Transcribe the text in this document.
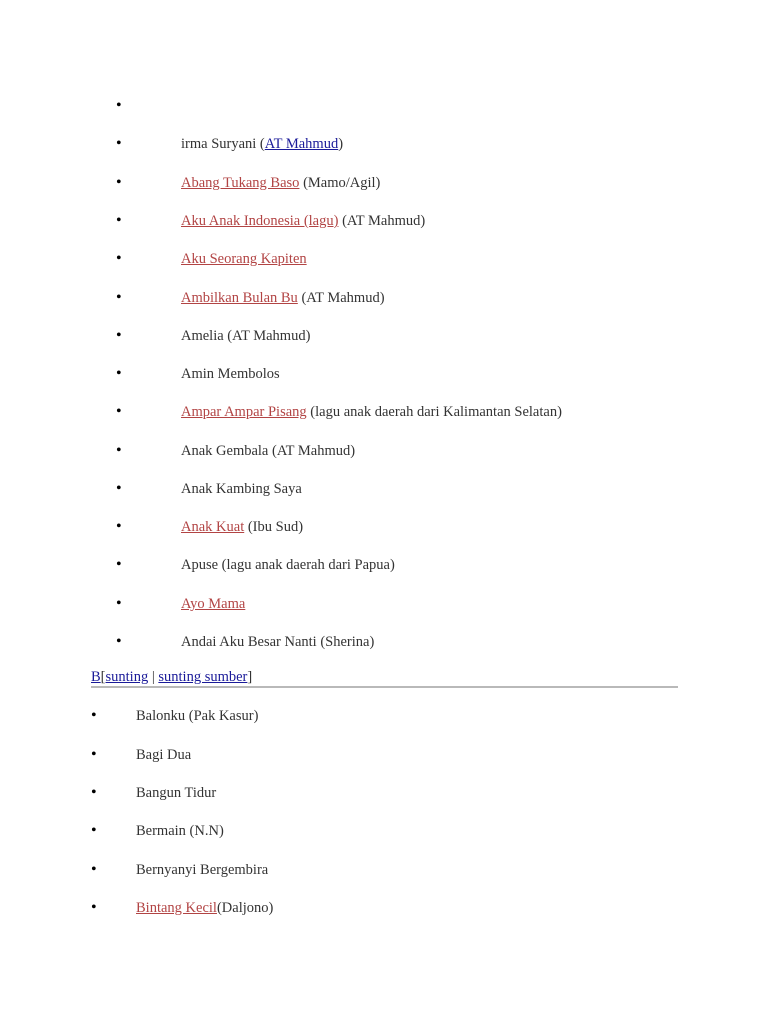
•
•	irma Suryani (AT Mahmud)
•	Abang Tukang Baso (Mamo/Agil)
•	Aku Anak Indonesia (lagu) (AT Mahmud)
•	Aku Seorang Kapiten
•	Ambilkan Bulan Bu (AT Mahmud)
•	Amelia (AT Mahmud)
•	Amin Membolos
•	Ampar Ampar Pisang (lagu anak daerah dari Kalimantan Selatan)
•	Anak Gembala (AT Mahmud)
•	Anak Kambing Saya
•	Anak Kuat (Ibu Sud)
•	Apuse (lagu anak daerah dari Papua)
•	Ayo Mama
•	Andai Aku Besar Nanti (Sherina)
B[sunting | sunting sumber]
•	Balonku (Pak Kasur)
•	Bagi Dua
•	Bangun Tidur
•	Bermain (N.N)
•	Bernyanyi Bergembira
•	Bintang Kecil(Daljono)
